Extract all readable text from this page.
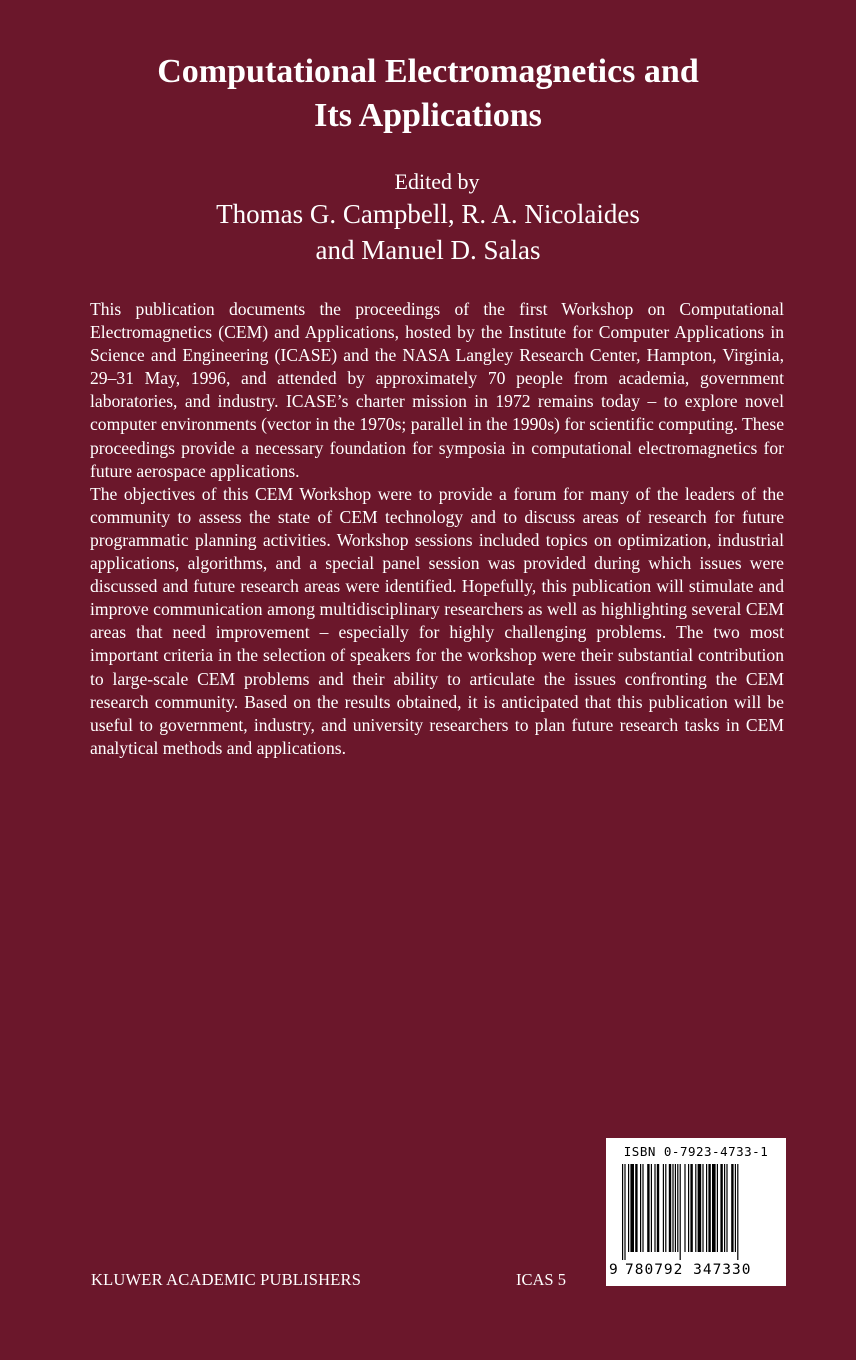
Computational Electromagnetics and
Its Applications
Edited by
Thomas G. Campbell, R. A. Nicolaides
and Manuel D. Salas

This publication documents the proceedings of the first Workshop on Computational Electromagnetics (CEM) and Applications, hosted by the Institute for Computer Applications in Science and Engineering (ICASE) and the NASA Langley Research Center, Hampton, Virginia, 29–31 May, 1996, and attended by approximately 70 people from academia, government laboratories, and industry. ICASE’s charter mission in 1972 remains today – to explore novel computer environments (vector in the 1970s; parallel in the 1990s) for scientific computing. These proceedings provide a necessary foundation for symposia in computational electromagnetics for future aerospace applications.

The objectives of this CEM Workshop were to provide a forum for many of the leaders of the community to assess the state of CEM technology and to discuss areas of research for future programmatic planning activities. Workshop sessions included topics on optimization, industrial applications, algorithms, and a special panel session was provided during which issues were discussed and future research areas were identified. Hopefully, this publication will stimulate and improve communication among multidisciplinary researchers as well as highlighting several CEM areas that need improvement – especially for highly challenging problems. The two most important criteria in the selection of speakers for the workshop were their substantial contribution to large-scale CEM problems and their ability to articulate the issues confronting the CEM research community. Based on the results obtained, it is anticipated that this publication will be useful to government, industry, and university researchers to plan future research tasks in CEM analytical methods and applications.

KLUWER ACADEMIC PUBLISHERS	ICAS 5
ISBN 0-7923-4733-1
9 780792 347330
